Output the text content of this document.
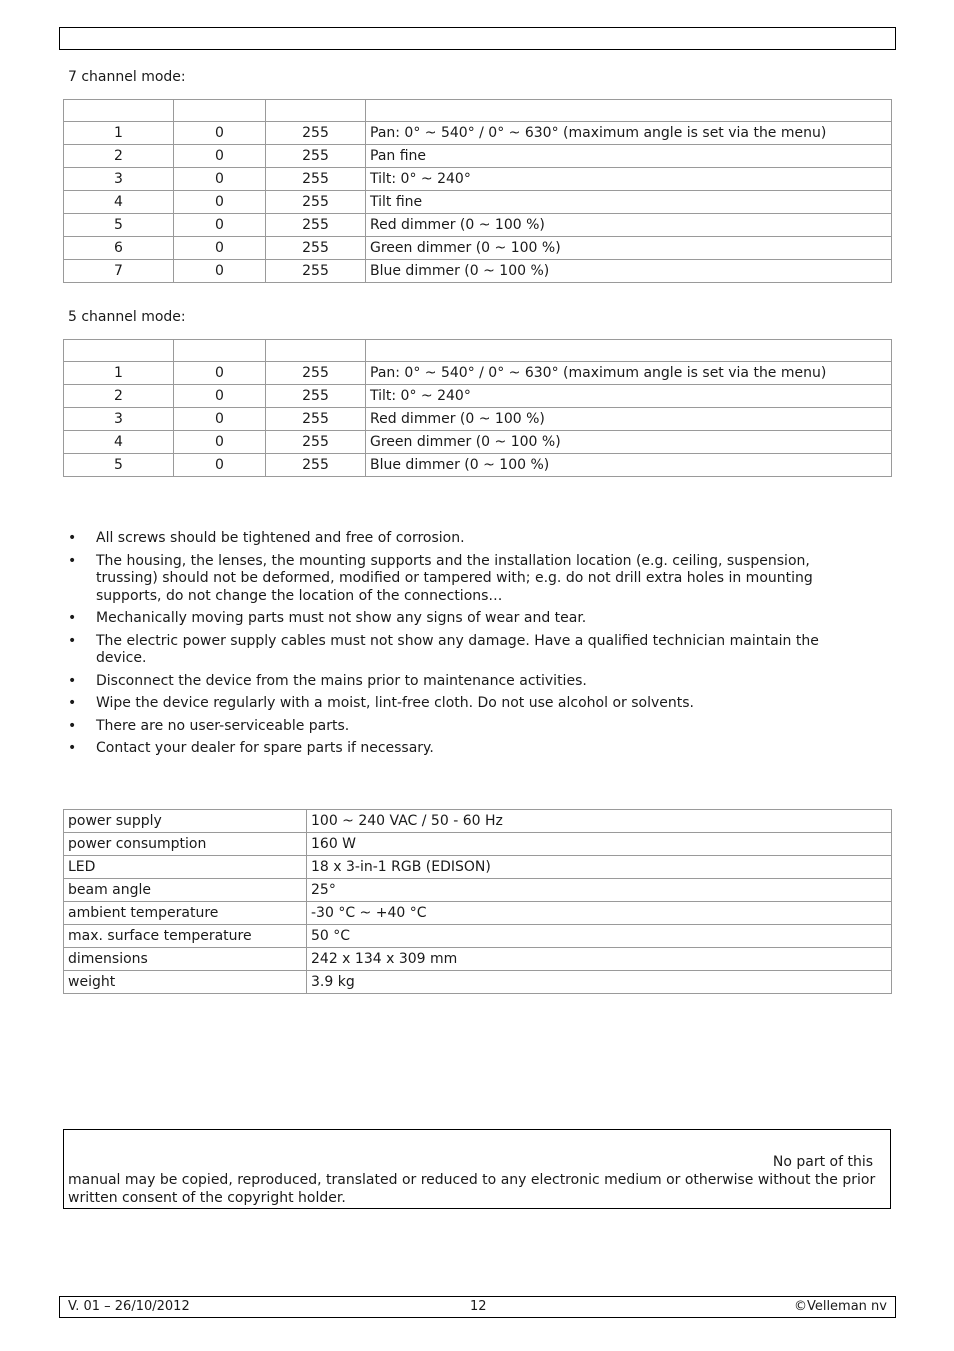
7 channel mode:

1	0	255	Pan: 0° ~ 540° / 0° ~ 630° (maximum angle is set via the menu)
2	0	255	Pan fine
3	0	255	Tilt: 0° ~ 240°
4	0	255	Tilt fine
5	0	255	Red dimmer (0 ~ 100 %)
6	0	255	Green dimmer (0 ~ 100 %)
7	0	255	Blue dimmer (0 ~ 100 %)
5 channel mode:

1	0	255	Pan: 0° ~ 540° / 0° ~ 630° (maximum angle is set via the menu)
2	0	255	Tilt: 0° ~ 240°
3	0	255	Red dimmer (0 ~ 100 %)
4	0	255	Green dimmer (0 ~ 100 %)
5	0	255	Blue dimmer (0 ~ 100 %)
• All screws should be tightened and free of corrosion.
• The housing, the lenses, the mounting supports and the installation location (e.g. ceiling, suspension, trussing) should not be deformed, modified or tampered with; e.g. do not drill extra holes in mounting supports, do not change the location of the connections…
• Mechanically moving parts must not show any signs of wear and tear.
• The electric power supply cables must not show any damage. Have a qualified technician maintain the device.
• Disconnect the device from the mains prior to maintenance activities.
• Wipe the device regularly with a moist, lint-free cloth. Do not use alcohol or solvents.
• There are no user-serviceable parts.
• Contact your dealer for spare parts if necessary.
power supply	100 ~ 240 VAC / 50 - 60 Hz
power consumption	160 W
LED	18 x 3-in-1 RGB (EDISON)
beam angle	25°
ambient temperature	-30 °C ~ +40 °C
max. surface temperature	50 °C
dimensions	242 x 134 x 309 mm
weight	3.9 kg
No part of this
manual may be copied, reproduced, translated or reduced to any electronic medium or otherwise without the prior written consent of the copyright holder.
V. 01 – 26/10/2012	12	©Velleman nv
